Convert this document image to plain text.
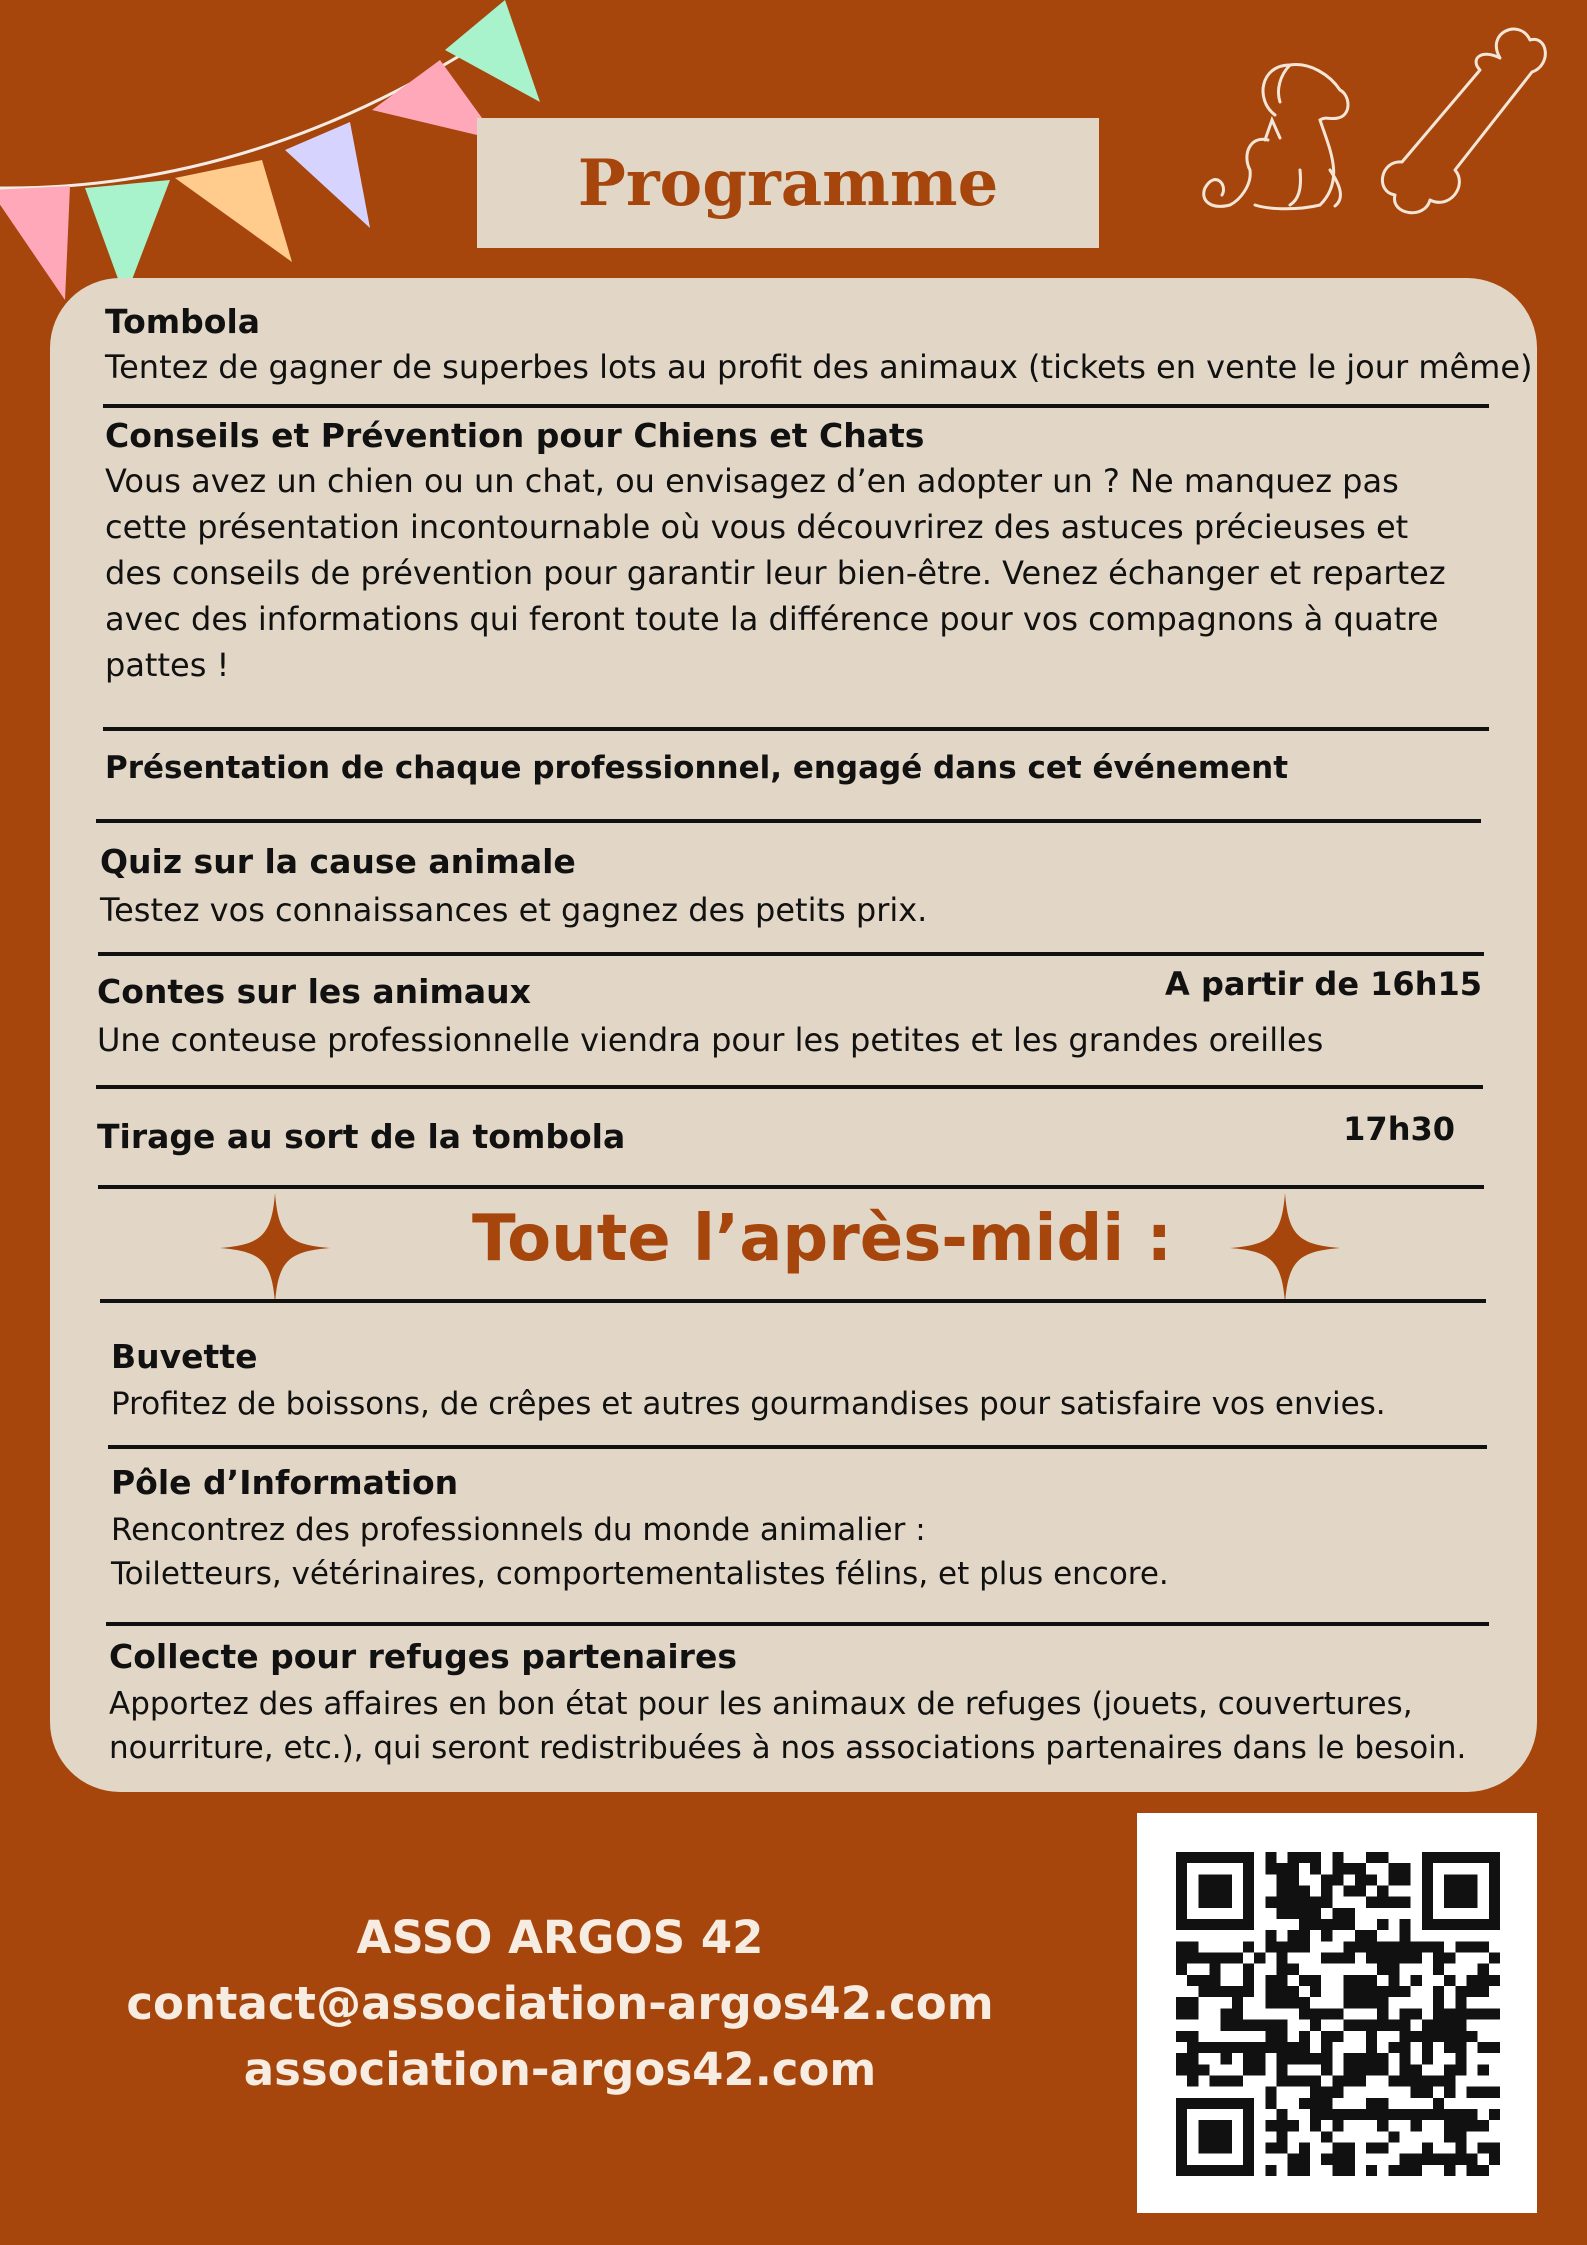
Programme
Tombola
Tentez de gagner de superbes lots au profit des animaux (tickets en vente le jour même)
Conseils et Prévention pour Chiens et Chats
Vous avez un chien ou un chat, ou envisagez d’en adopter un ? Ne manquez pas
cette présentation incontournable où vous découvrirez des astuces précieuses et
des conseils de prévention pour garantir leur bien-être. Venez échanger et repartez
avec des informations qui feront toute la différence pour vos compagnons à quatre
pattes !
Présentation de chaque professionnel, engagé dans cet événement
Quiz sur la cause animale
Testez vos connaissances et gagnez des petits prix.
Contes sur les animaux	A partir de 16h15
Une conteuse professionnelle viendra pour les petites et les grandes oreilles
Tirage au sort de la tombola	17h30
Toute l’après-midi :
Buvette
Profitez de boissons, de crêpes et autres gourmandises pour satisfaire vos envies.
Pôle d’Information
Rencontrez des professionnels du monde animalier :
Toiletteurs, vétérinaires, comportementalistes félins, et plus encore.
Collecte pour refuges partenaires
Apportez des affaires en bon état pour les animaux de refuges (jouets, couvertures,
nourriture, etc.), qui seront redistribuées à nos associations partenaires dans le besoin.
ASSO ARGOS 42
contact@association-argos42.com
association-argos42.com
